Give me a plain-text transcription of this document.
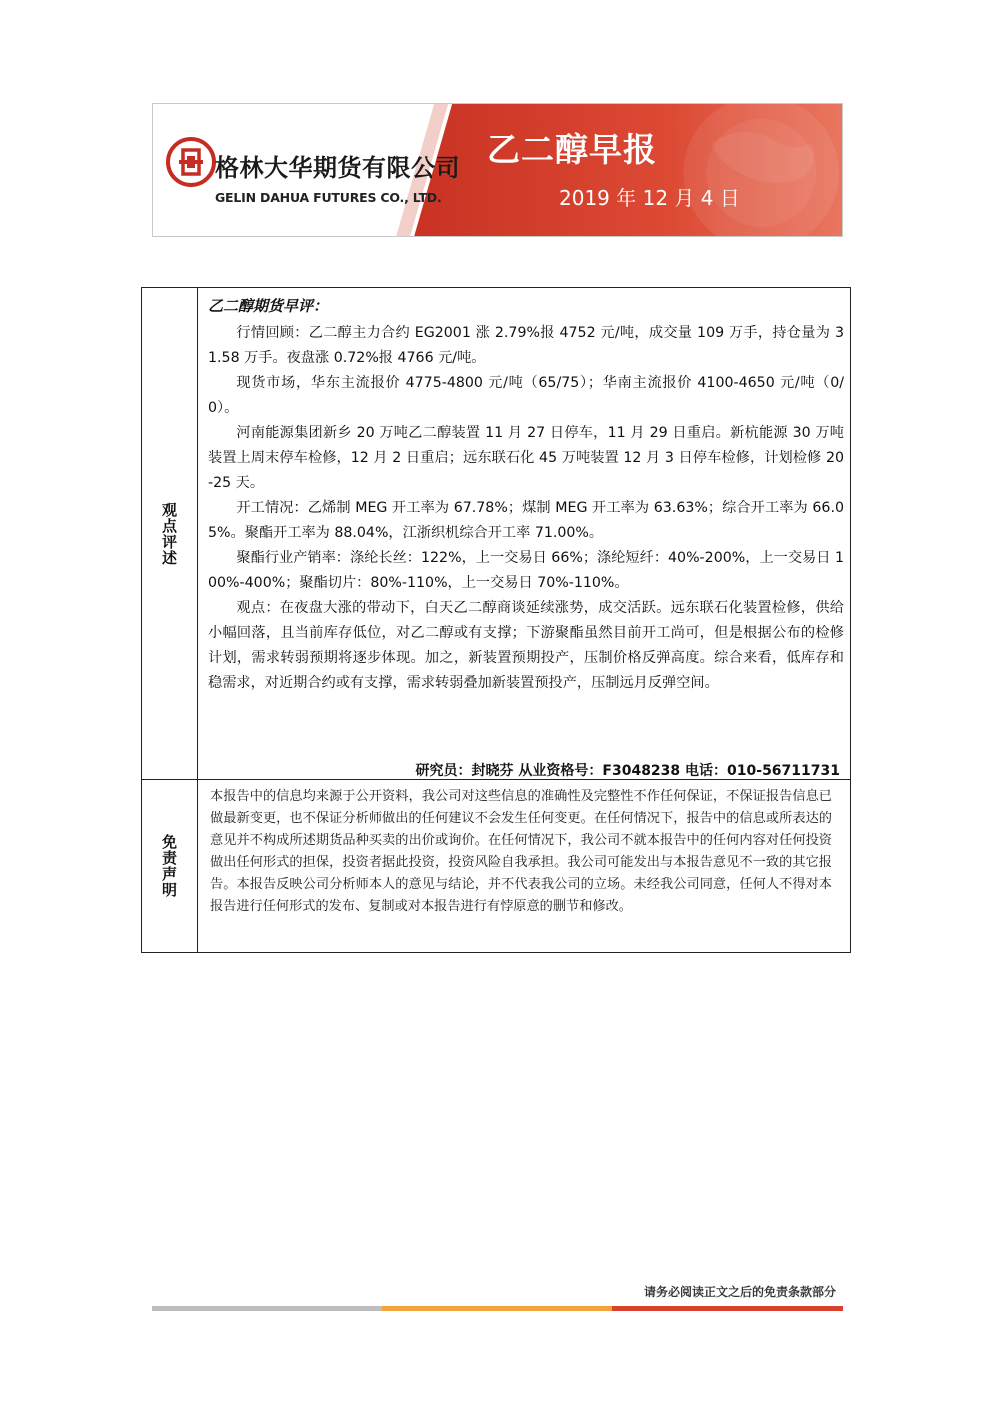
格林大华期货有限公司
GELIN DAHUA FUTURES CO., LTD.
乙二醇早报
2019 年 12 月 4 日
观点评述

乙二醇期货早评：

行情回顾：乙二醇主力合约 EG2001 涨 2.79%报 4752 元/吨，成交量 109 万手，持仓量为 31.58 万手。夜盘涨 0.72%报 4766 元/吨。

现货市场，华东主流报价 4775-4800 元/吨（65/75）；华南主流报价 4100-4650 元/吨（0/0）。

河南能源集团新乡 20 万吨乙二醇装置 11 月 27 日停车，11 月 29 日重启。新杭能源 30 万吨装置上周末停车检修，12 月 2 日重启；远东联石化 45 万吨装置 12 月 3 日停车检修，计划检修 20-25 天。

开工情况：乙烯制 MEG 开工率为 67.78%；煤制 MEG 开工率为 63.63%；综合开工率为 66.05%。聚酯开工率为 88.04%，江浙织机综合开工率 71.00%。

聚酯行业产销率：涤纶长丝：122%，上一交易日 66%；涤纶短纤：40%-200%，上一交易日 100%-400%；聚酯切片：80%-110%，上一交易日 70%-110%。

观点：在夜盘大涨的带动下，白天乙二醇商谈延续涨势，成交活跃。远东联石化装置检修，供给小幅回落，且当前库存低位，对乙二醇或有支撑；下游聚酯虽然目前开工尚可，但是根据公布的检修计划，需求转弱预期将逐步体现。加之，新装置预期投产，压制价格反弹高度。综合来看，低库存和稳需求，对近期合约或有支撑，需求转弱叠加新装置预投产，压制远月反弹空间。

研究员：封晓芬 从业资格号：F3048238 电话：010-56711731
免责声明
本报告中的信息均来源于公开资料，我公司对这些信息的准确性及完整性不作任何保证，不保证报告信息已做最新变更，也不保证分析师做出的任何建议不会发生任何变更。在任何情况下，报告中的信息或所表达的意见并不构成所述期货品种买卖的出价或询价。在任何情况下，我公司不就本报告中的任何内容对任何投资做出任何形式的担保，投资者据此投资，投资风险自我承担。我公司可能发出与本报告意见不一致的其它报告。本报告反映公司分析师本人的意见与结论，并不代表我公司的立场。未经我公司同意，任何人不得对本报告进行任何形式的发布、复制或对本报告进行有悖原意的删节和修改。
请务必阅读正文之后的免责条款部分
